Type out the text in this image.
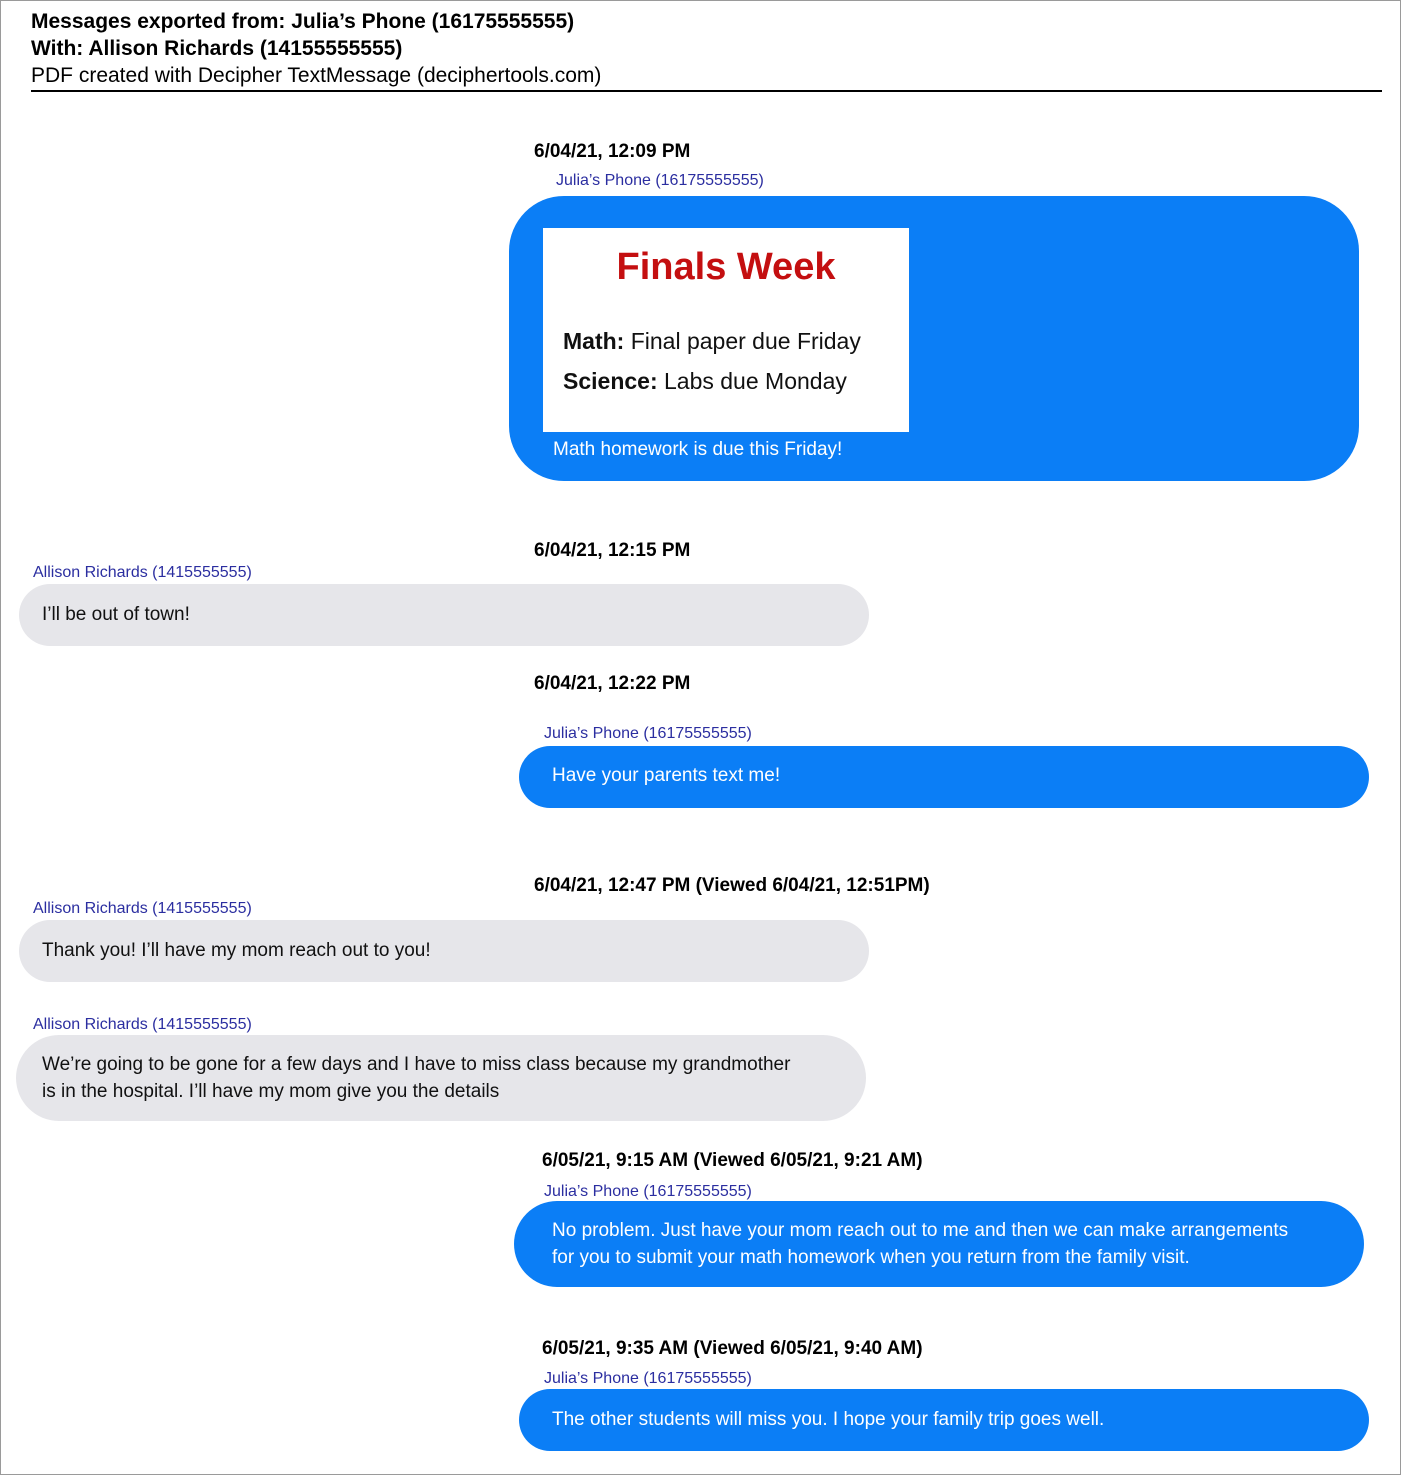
Messages exported from: Julia’s Phone (16175555555)
With: Allison Richards (14155555555)
PDF created with Decipher TextMessage (deciphertools.com)
6/04/21, 12:09 PM
Julia’s Phone (16175555555)
Finals Week
Math: Final paper due Friday
Science: Labs due Monday
Math homework is due this Friday!
6/04/21, 12:15 PM
Allison Richards (1415555555)
I’ll be out of town!
6/04/21, 12:22 PM
Julia’s Phone (16175555555)
Have your parents text me!
6/04/21, 12:47 PM (Viewed 6/04/21, 12:51PM)
Allison Richards (1415555555)
Thank you! I’ll have my mom reach out to you!
Allison Richards (1415555555)
We’re going to be gone for a few days and I have to miss class because my grandmother
is in the hospital. I’ll have my mom give you the details
6/05/21, 9:15 AM (Viewed 6/05/21, 9:21 AM)
Julia’s Phone (16175555555)
No problem. Just have your mom reach out to me and then we can make arrangements
for you to submit your math homework when you return from the family visit.
6/05/21, 9:35 AM (Viewed 6/05/21, 9:40 AM)
Julia’s Phone (16175555555)
The other students will miss you. I hope your family trip goes well.
